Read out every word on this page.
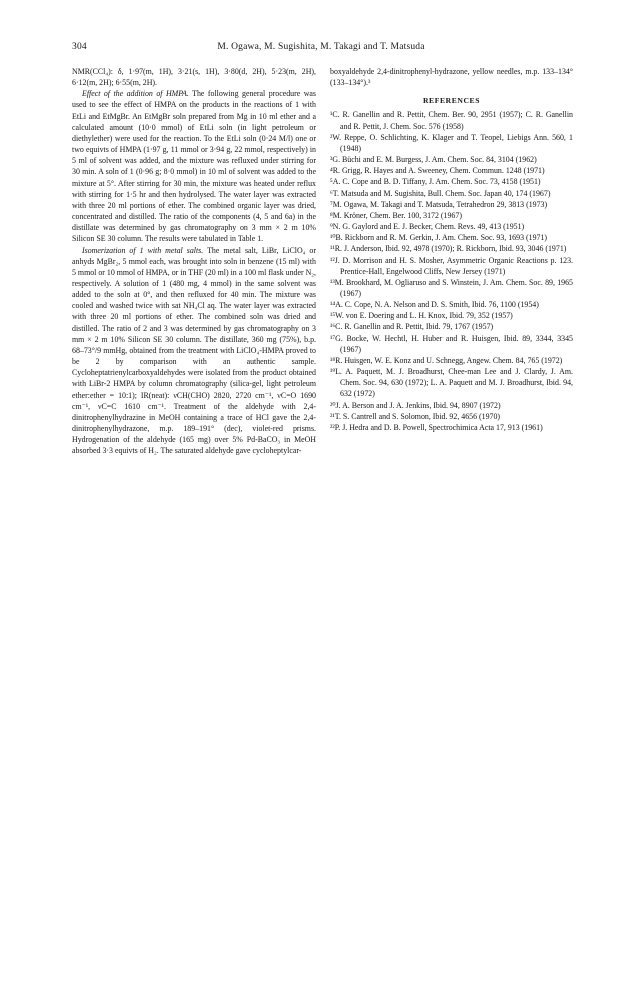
304	M. Ogawa, M. Sugishita, M. Takagi and T. Matsuda

NMR(CCl₄): δ, 1·97(m, 1H), 3·21(s, 1H), 3·80(d, 2H), 5·23(m, 2H), 6·12(m, 2H); 6·55(m, 2H).

Effect of the addition of HMPA. The following general procedure was used to see the effect of HMPA on the products in the reactions of 1 with EtLi and EtMgBr. An EtMgBr soln prepared from Mg in 10 ml ether and a calculated amount (10·0 mmol) of EtLi soln (in light petroleum or diethylether) were used for the reaction. To the EtLi soln (0·24 M/l) one or two equivts of HMPA (1·97 g, 11 mmol or 3·94 g, 22 mmol, respectively) in 5 ml of solvent was added, and the mixture was refluxed under stirring for 30 min. A soln of 1 (0·96 g; 8·0 mmol) in 10 ml of solvent was added to the mixture at 5°. After stirring for 30 min, the mixture was heated under reflux with stirring for 1·5 hr and then hydrolysed. The water layer was extracted with three 20 ml portions of ether. The combined organic layer was dried, concentrated and distilled. The ratio of the components (4, 5 and 6a) in the distillate was determined by gas chromatography on 3 mm × 2 m 10% Silicon SE 30 column. The results were tabulated in Table 1.

Isomerization of 1 with metal salts. The metal salt, LiBr, LiClO₄ or anhyds MgBr₂, 5 mmol each, was brought into soln in benzene (15 ml) with 5 mmol or 10 mmol of HMPA, or in THF (20 ml) in a 100 ml flask under N₂, respectively. A solution of 1 (480 mg, 4 mmol) in the same solvent was added to the soln at 0°, and then refluxed for 40 min. The mixture was cooled and washed twice with sat NH₄Cl aq. The water layer was extracted with three 20 ml portions of ether. The combined soln was dried and distilled. The ratio of 2 and 3 was determined by gas chromatography on 3 mm × 2 m 10% Silicon SE 30 column. The distillate, 360 mg (75%), b.p. 68–73°/9 mmHg, obtained from the treatment with LiClO₄-HMPA proved to be 2 by comparison with an authentic sample. Cycloheptatrienylcarboxyaldehydes were isolated from the product obtained with LiBr-2 HMPA by column chromatography (silica-gel, light petroleum ether:ether = 10:1); IR(neat): νCH(CHO) 2820, 2720 cm⁻¹, νC=O 1690 cm⁻¹, νC=C 1610 cm⁻¹. Treatment of the aldehyde with 2,4-dinitrophenylhydrazine in MeOH containing a trace of HCl gave the 2,4-dinitrophenylhydrazone, m.p. 189–191° (dec), violet-red prisms. Hydrogenation of the aldehyde (165 mg) over 5% Pd-BaCO₃ in MeOH absorbed 3·3 equivts of H₂. The saturated aldehyde gave cycloheptylcar-

boxyaldehyde 2,4-dinitrophenyl-hydrazone, yellow needles, m.p. 133–134° (133–134°).³

REFERENCES
¹C. R. Ganellin and R. Pettit, Chem. Ber. 90, 2951 (1957); C. R. Ganellin and R. Pettit, J. Chem. Soc. 576 (1958)
²W. Reppe, O. Schlichting, K. Klager and T. Teopel, Liebigs Ann. 560, 1 (1948)
³G. Büchi and E. M. Burgess, J. Am. Chem. Soc. 84, 3104 (1962)
⁴R. Grigg, R. Hayes and A. Sweeney, Chem. Commun. 1248 (1971)
⁵A. C. Cope and B. D. Tiffany, J. Am. Chem. Soc. 73, 4158 (1951)
⁶T. Matsuda and M. Sugishita, Bull. Chem. Soc. Japan 40, 174 (1967)
⁷M. Ogawa, M. Takagi and T. Matsuda, Tetrahedron 29, 3813 (1973)
⁸M. Kröner, Chem. Ber. 100, 3172 (1967)
⁹N. G. Gaylord and E. J. Becker, Chem. Revs. 49, 413 (1951)
¹⁰B. Rickborn and R. M. Gerkin, J. Am. Chem. Soc. 93, 1693 (1971)
¹¹R. J. Anderson, Ibid. 92, 4978 (1970); R. Rickborn, Ibid. 93, 3046 (1971)
¹²J. D. Morrison and H. S. Mosher, Asymmetric Organic Reactions p. 123. Prentice-Hall, Engelwood Cliffs, New Jersey (1971)
¹³M. Brookhard, M. Ogliaruso and S. Winstein, J. Am. Chem. Soc. 89, 1965 (1967)
¹⁴A. C. Cope, N. A. Nelson and D. S. Smith, Ibid. 76, 1100 (1954)
¹⁵W. von E. Doering and L. H. Knox, Ibid. 79, 352 (1957)
¹⁶C. R. Ganellin and R. Pettit, Ibid. 79, 1767 (1957)
¹⁷G. Bocke, W. Hechtl, H. Huber and R. Huisgen, Ibid. 89, 3344, 3345 (1967)
¹⁸R. Huisgen, W. E. Konz and U. Schnegg, Angew. Chem. 84, 765 (1972)
¹⁹L. A. Paquett, M. J. Broadhurst, Chee-man Lee and J. Clardy, J. Am. Chem. Soc. 94, 630 (1972); L. A. Paquett and M. J. Broadhurst, Ibid. 94, 632 (1972)
²⁰J. A. Berson and J. A. Jenkins, Ibid. 94, 8907 (1972)
²¹T. S. Cantrell and S. Solomon, Ibid. 92, 4656 (1970)
²²P. J. Hedra and D. B. Powell, Spectrochimica Acta 17, 913 (1961)
